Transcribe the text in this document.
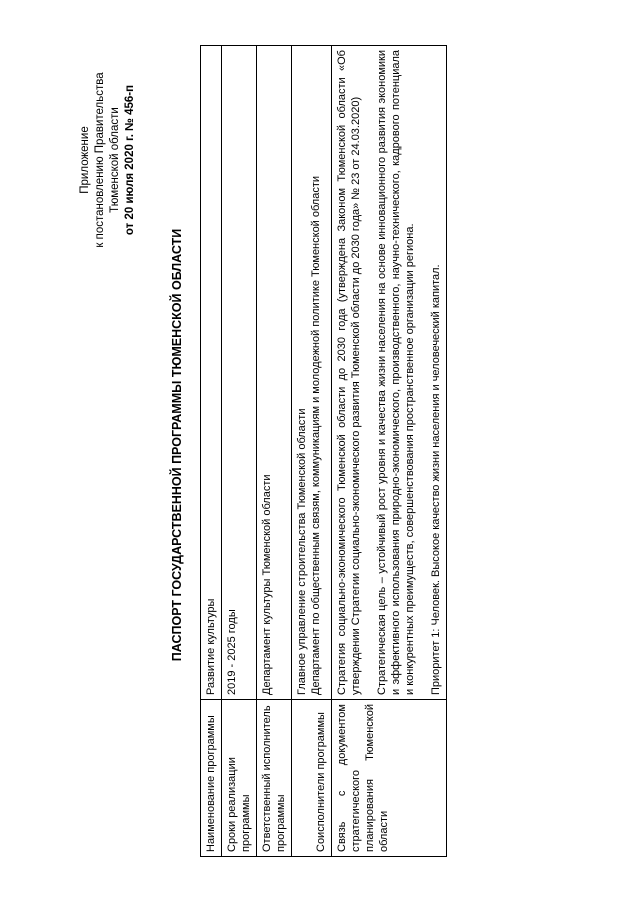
Приложение к постановлению Правительства Тюменской области от 20 июля 2020 г. № 456-п
ПАСПОРТ ГОСУДАРСТВЕННОЙ ПРОГРАММЫ ТЮМЕНСКОЙ ОБЛАСТИ
Наименование программы	Развитие культуры
Сроки реализации программы	2019 - 2025 годы
Ответственный исполнитель программы	Департамент культуры Тюменской области
Соисполнители программы	Главное управление строительства Тюменской области Департамент по общественным связям, коммуникациям и молодежной политике Тюменской области

Связь с документом стратегического планирования Тюменской области	Стратегия социально-экономического Тюменской области до 2030 года (утверждена Законом Тюменской области «Об утверждении Стратегии социально-экономического развития Тюменской области до 2030 года» № 23 от 24.03.2020) Стратегическая цель – устойчивый рост уровня и качества жизни населения на основе инновационного развития экономики и эффективного использования природно-экономического, производственного, научно-технического, кадрового потенциала и конкурентных преимуществ, совершенствования пространственное организации региона. Приоритет 1: Человек. Высокое качество жизни населения и человеческий капитал.
